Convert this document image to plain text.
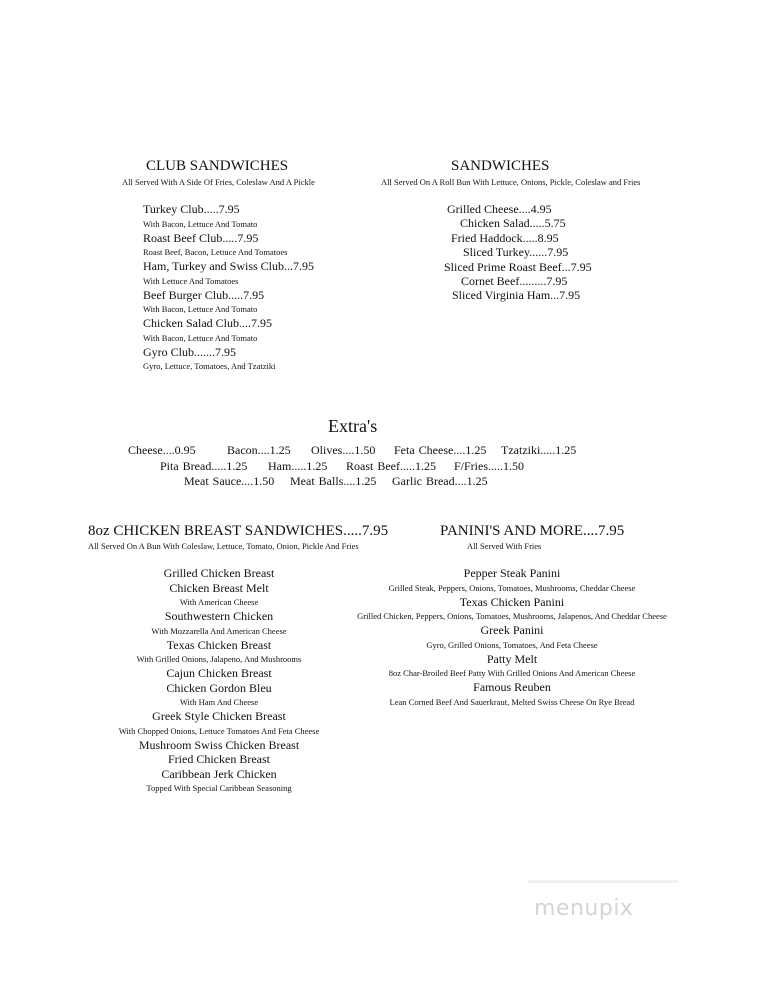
CLUB SANDWICHES
All Served With A Side Of Fries, Coleslaw And A Pickle
Turkey Club.....7.95
With Bacon, Lettuce And Tomato
Roast Beef Club.....7.95
Roast Beef, Bacon, Lettuce And Tomatoes
Ham, Turkey and Swiss Club...7.95
With Lettuce And Tomatoes
Beef Burger Club.....7.95
With Bacon, Lettuce And Tomato
Chicken Salad Club....7.95
With Bacon, Lettuce And Tomato
Gyro Club.......7.95
Gyro, Lettuce, Tomatoes, And Tzatziki
SANDWICHES
All Served On A Roll Bun With Lettuce, Onions, Pickle, Coleslaw and Fries
Grilled Cheese....4.95
Chicken Salad.....5.75
Fried Haddock.....8.95
Sliced Turkey......7.95
Sliced Prime Roast Beef...7.95
Cornet Beef.........7.95
Sliced Virginia Ham...7.95
Extra's
Cheese....0.95	Bacon....1.25 Olives....1.50 Feta Cheese....1.25 Tzatziki.....1.25
Pita Bread.....1.25 Ham.....1.25 Roast Beef.....1.25 F/Fries.....1.50
Meat Sauce....1.50 Meat Balls....1.25 Garlic Bread....1.25
8oz CHICKEN BREAST SANDWICHES.....7.95
All Served On A Bun With Coleslaw, Lettuce, Tomato, Onion, Pickle And Fries
Grilled Chicken Breast
Chicken Breast Melt
With American Cheese
Southwestern Chicken
With Mozzarella And American Cheese
Texas Chicken Breast
With Grilled Onions, Jalapeno, And Mushrooms
Cajun Chicken Breast
Chicken Gordon Bleu
With Ham And Cheese
Greek Style Chicken Breast
With Chopped Onions, Lettuce Tomatoes And Feta Cheese
Mushroom Swiss Chicken Breast
Fried Chicken Breast
Caribbean Jerk Chicken
Topped With Special Caribbean Seasoning
PANINI'S AND MORE....7.95
All Served With Fries
Pepper Steak Panini
Grilled Steak, Peppers, Onions, Tomatoes, Mushrooms, Cheddar Cheese
Texas Chicken Panini
Grilled Chicken, Peppers, Onions, Tomatoes, Mushrooms, Jalapenos, And Cheddar Cheese
Greek Panini
Gyro, Grilled Onions, Tomatoes, And Feta Cheese
Patty Melt
8oz Char-Broiled Beef Patty With Grilled Onions And American Cheese
Famous Reuben
Lean Corned Beef And Sauerkraut, Melted Swiss Cheese On Rye Bread
menupix
